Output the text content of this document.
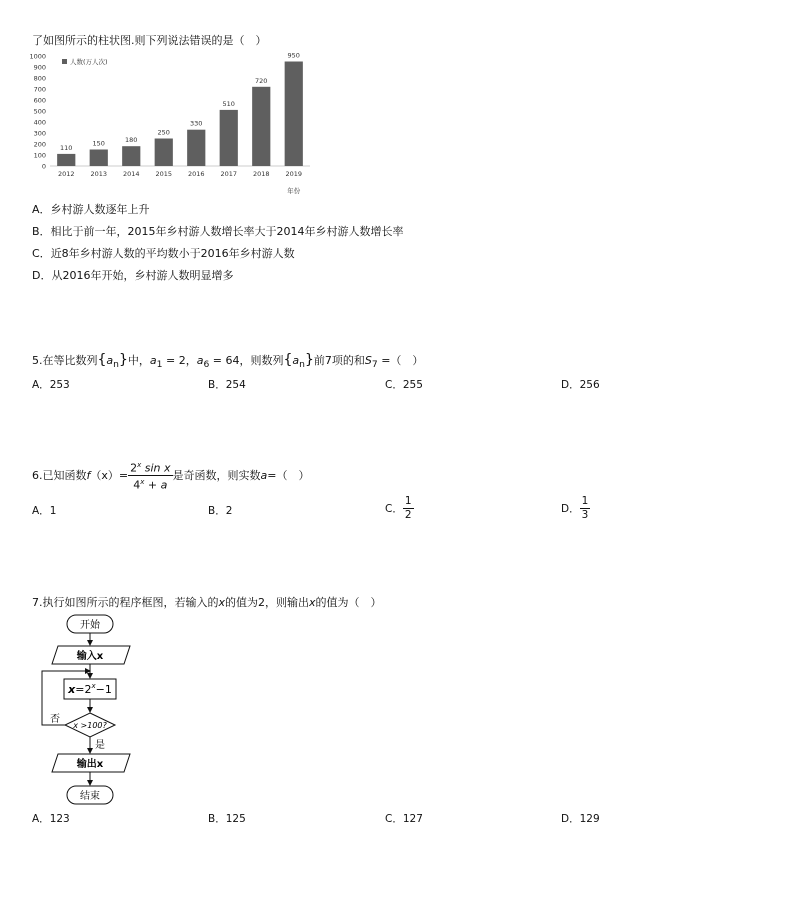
了如图所示的柱状图.则下列说法错误的是（　）
0
100
200
300
400
500
600
700
800
900
1000
110
2012
150
2013
180
2014
250
2015
330
2016
510
2017
720
2018
950
2019
人数(万人次)
年份
A．乡村游人数逐年上升
B．相比于前一年，2015年乡村游人数增长率大于2014年乡村游人数增长率
C．近8年乡村游人数的平均数小于2016年乡村游人数
D．从2016年开始，乡村游人数明显增多
5.在等比数列$\{a_n\}$中，$a_1 = 2$，$a_6 = 64$，则数列$\{a_n\}$前7项的和$S_7$ =（　）
A．253	B．254	C．255	D．256
6. 已知函数 f $(x) = \frac{2^x \sin x}{4^x + a}$ 是奇函数，则实数 a =（　）
A．1	B．2	C． $\frac{1}{2}$	D． $\frac{1}{3}$
7.执行如图所示的程序框图，若输入的x的值为2，则输出x的值为（　）
开始
输入x
$x=2^x-1$
x >100?
否
是
输出x
结束
A．123	B．125	C．127	D．129
